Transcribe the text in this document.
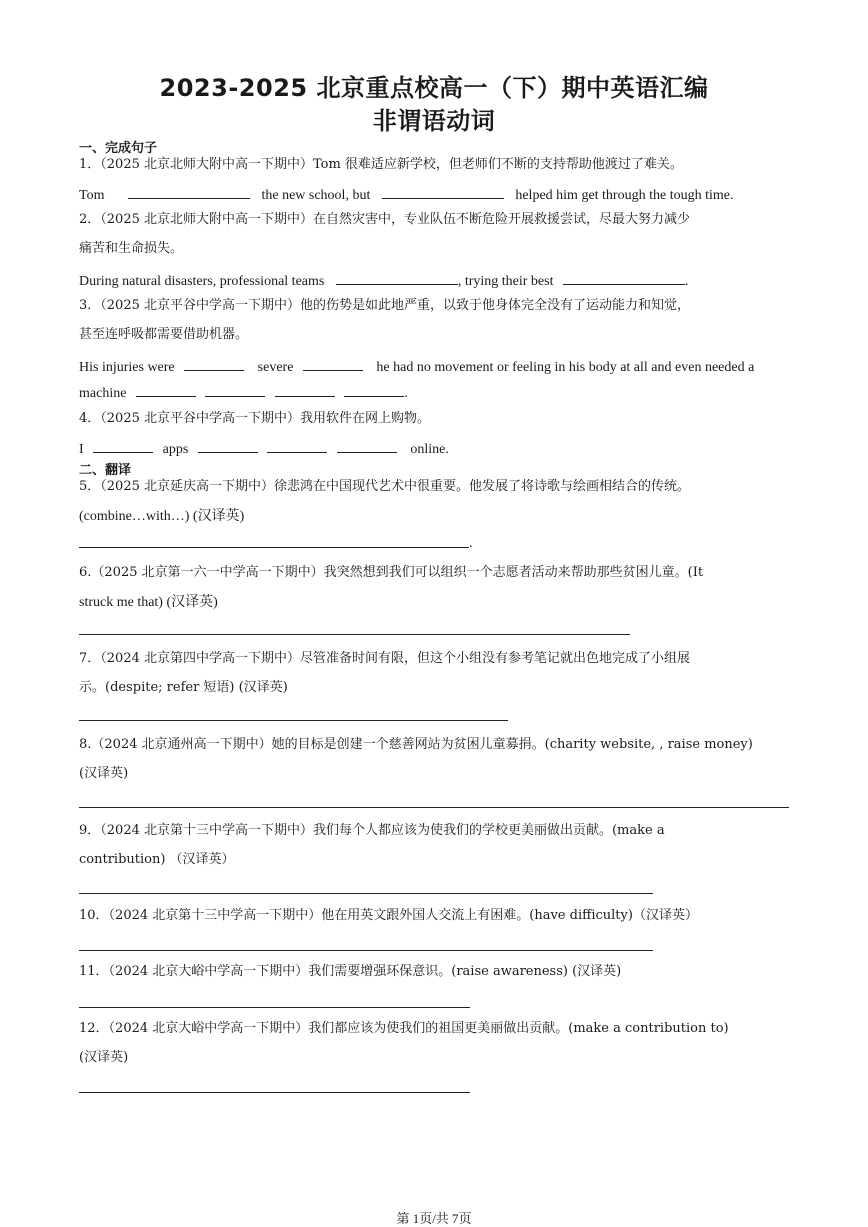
2023-2025 北京重点校高一（下）期中英语汇编
非谓语动词
一、完成句子
1．（2025 北京北师大附中高一下期中）Tom 很难适应新学校，但老师们不断的支持帮助他渡过了难关。
Tom	the new school, but	helped him get through the tough time.
2．（2025 北京北师大附中高一下期中）在自然灾害中，专业队伍不断危险开展救援尝试，尽最大努力减少
痛苦和生命损失。
During natural disasters, professional teams	, trying their best	.
3．（2025 北京平谷中学高一下期中）他的伤势是如此地严重，以致于他身体完全没有了运动能力和知觉，
甚至连呼吸都需要借助机器。
His injuries were	severe	he had no movement or feeling in his body at all and even needed a
machine	.
4．（2025 北京平谷中学高一下期中）我用软件在网上购物。
I	apps	online.
二、翻译
5．（2025 北京延庆高一下期中）徐悲鸿在中国现代艺术中很重要。他发展了将诗歌与绘画相结合的传统。
(combine…with…) (汉译英)
.
6.（2025 北京第一六一中学高一下期中）我突然想到我们可以组织一个志愿者活动来帮助那些贫困儿童。(It
struck me that) (汉译英)
7．（2024 北京第四中学高一下期中）尽管准备时间有限，但这个小组没有参考笔记就出色地完成了小组展
示。(despite; refer 短语) (汉译英)
8.（2024 北京通州高一下期中）她的目标是创建一个慈善网站为贫困儿童募捐。(charity website, , raise money)
(汉译英)
9．（2024 北京第十三中学高一下期中）我们每个人都应该为使我们的学校更美丽做出贡献。(make a
contribution) （汉译英）
10．（2024 北京第十三中学高一下期中）他在用英文跟外国人交流上有困难。(have difficulty)（汉译英）
11．（2024 北京大峪中学高一下期中）我们需要增强环保意识。(raise awareness) (汉译英)
12．（2024 北京大峪中学高一下期中）我们都应该为使我们的祖国更美丽做出贡献。(make a contribution to)
(汉译英)
第 1页/共 7页
